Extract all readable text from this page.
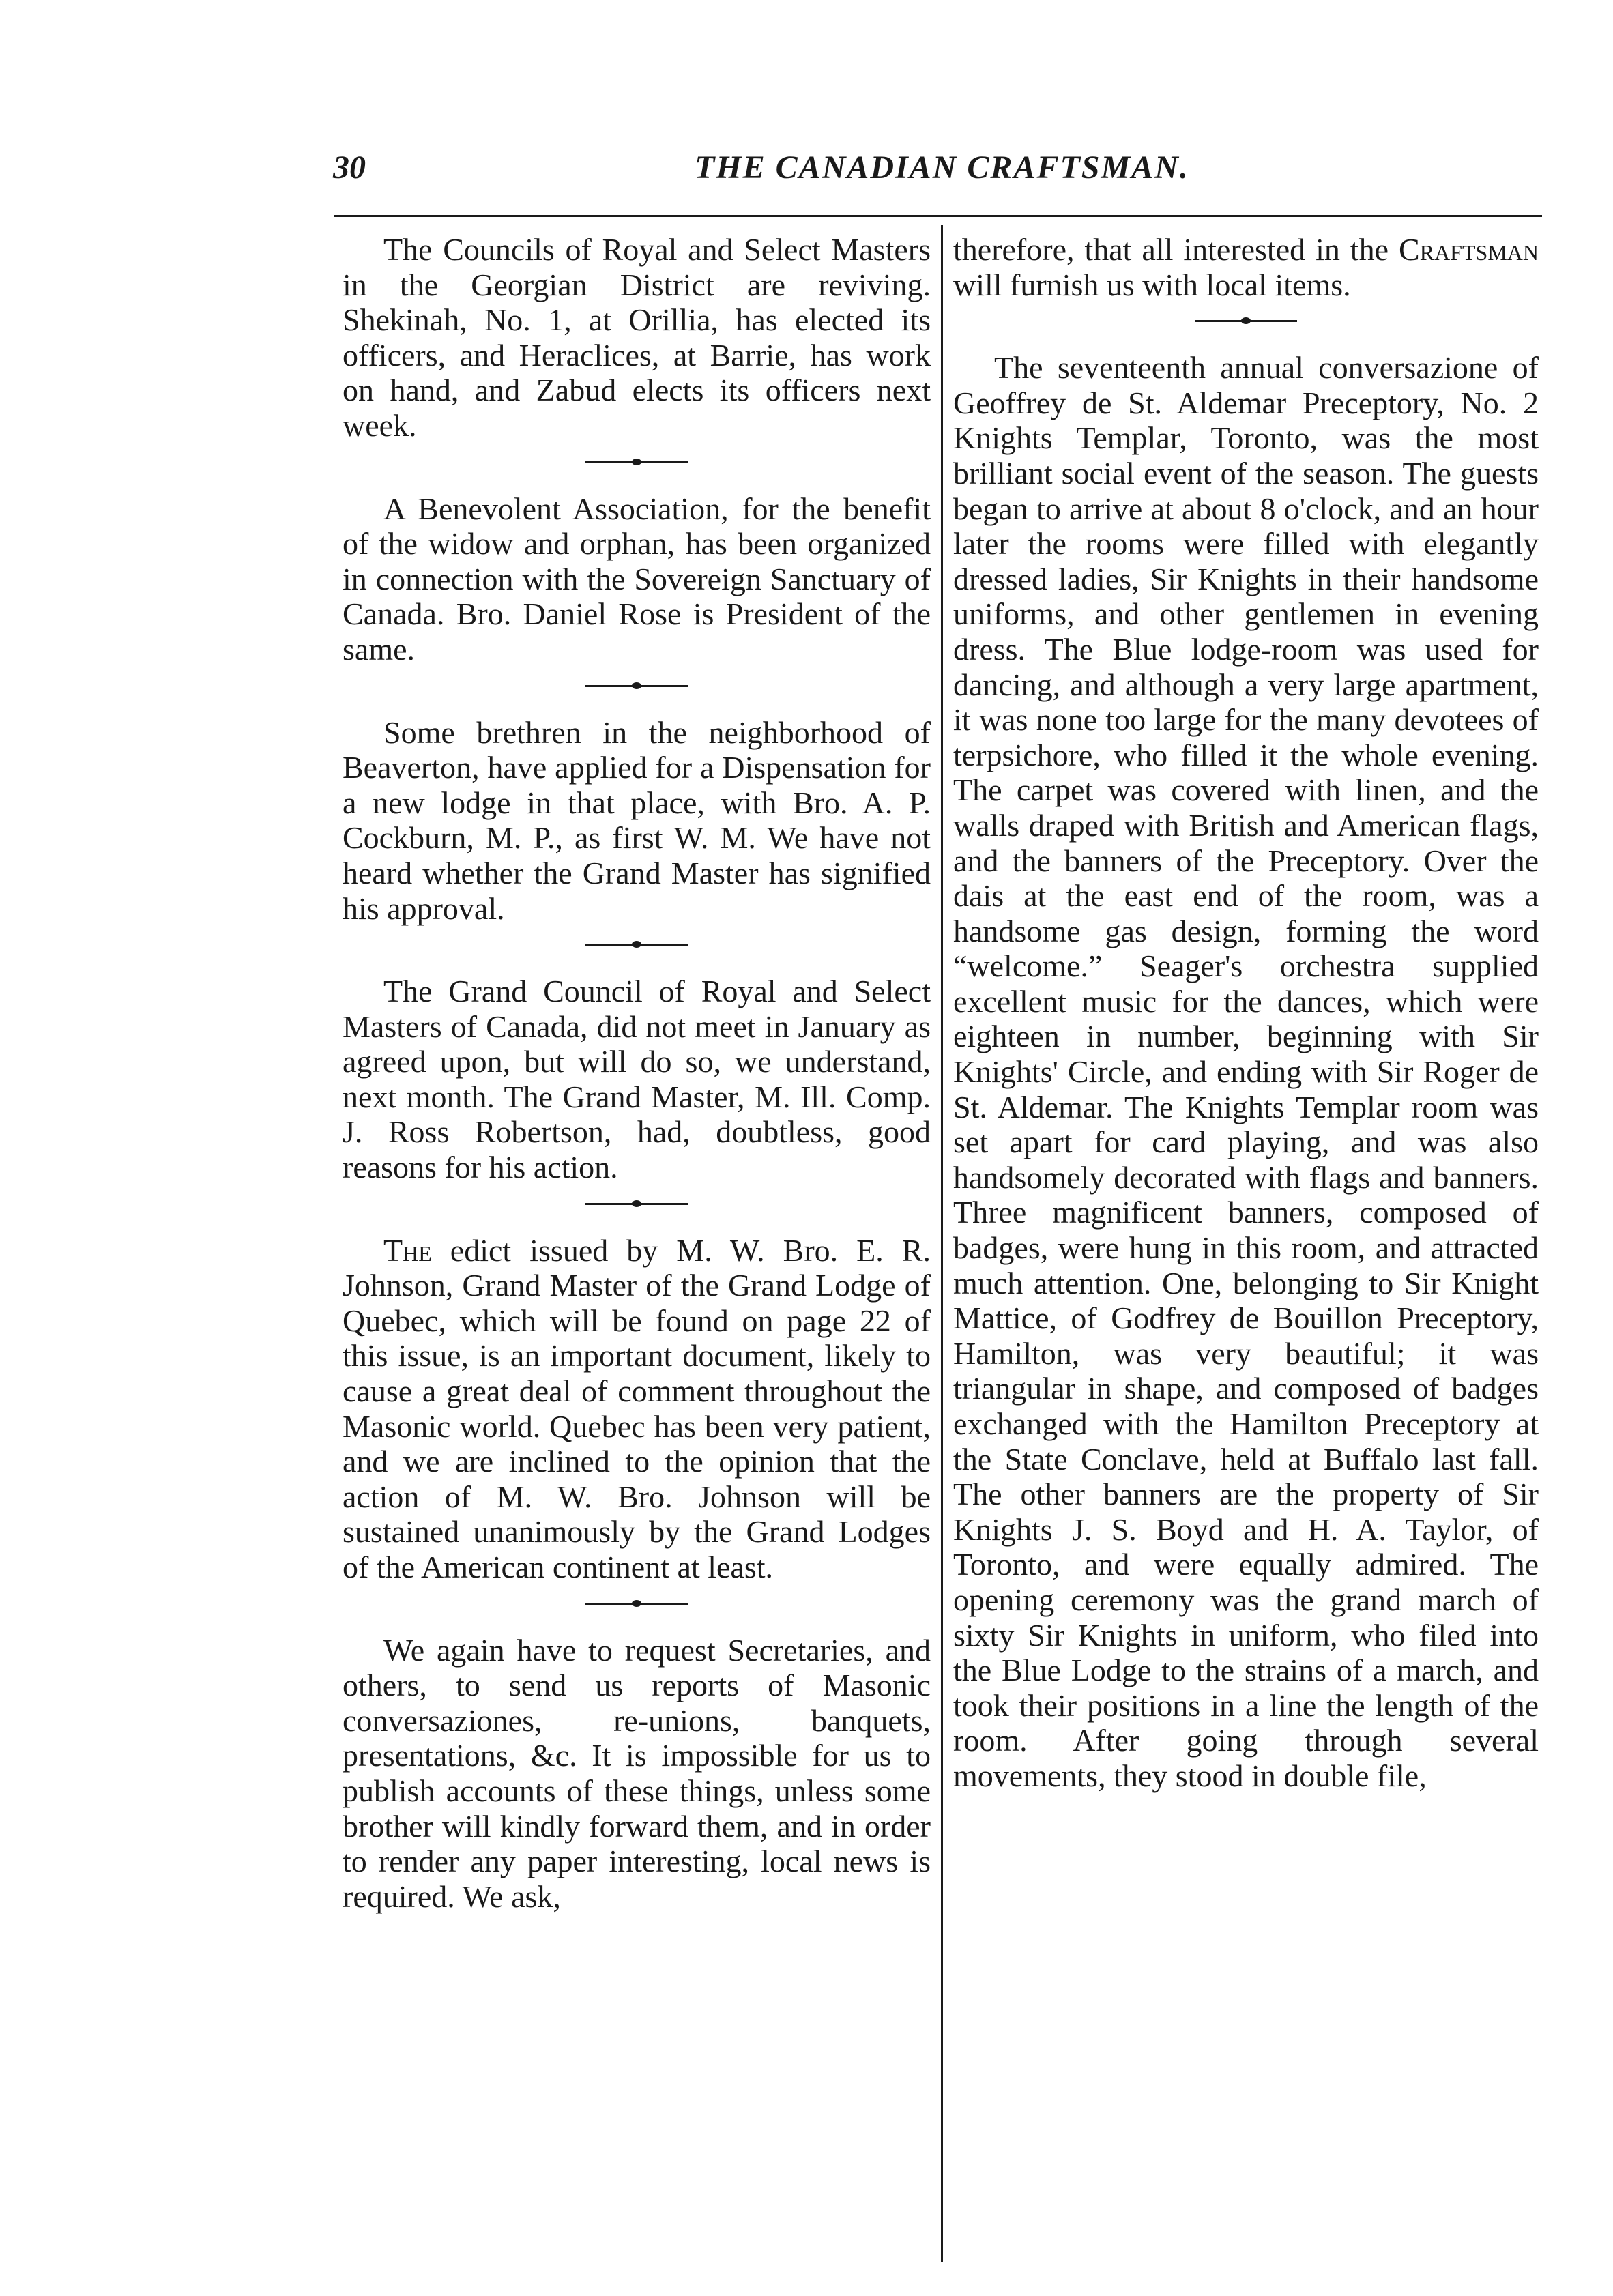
30	THE CANADIAN CRAFTSMAN.

The Councils of Royal and Select Masters in the Georgian District are reviving. Shekinah, No. 1, at Orillia, has elected its officers, and Heraclices, at Barrie, has work on hand, and Zabud elects its officers next week.

A Benevolent Association, for the benefit of the widow and orphan, has been organized in connection with the Sovereign Sanctuary of Canada. Bro. Daniel Rose is President of the same.

Some brethren in the neighborhood of Beaverton, have applied for a Dispensation for a new lodge in that place, with Bro. A. P. Cockburn, M. P., as first W. M. We have not heard whether the Grand Master has signified his approval.

The Grand Council of Royal and Select Masters of Canada, did not meet in January as agreed upon, but will do so, we understand, next month. The Grand Master, M. Ill. Comp. J. Ross Robertson, had, doubtless, good reasons for his action.

The edict issued by M. W. Bro. E. R. Johnson, Grand Master of the Grand Lodge of Quebec, which will be found on page 22 of this issue, is an important document, likely to cause a great deal of comment throughout the Masonic world. Quebec has been very patient, and we are inclined to the opinion that the action of M. W. Bro. Johnson will be sustained unanimously by the Grand Lodges of the American continent at least.

We again have to request Secretaries, and others, to send us reports of Masonic conversaziones, re-unions, banquets, presentations, &c. It is impossible for us to publish accounts of these things, unless some brother will kindly forward them, and in order to render any paper interesting, local news is required. We ask,

therefore, that all interested in the Craftsman will furnish us with local items.

The seventeenth annual conversazione of Geoffrey de St. Aldemar Preceptory, No. 2 Knights Templar, Toronto, was the most brilliant social event of the season. The guests began to arrive at about 8 o'clock, and an hour later the rooms were filled with elegantly dressed ladies, Sir Knights in their handsome uniforms, and other gentlemen in evening dress. The Blue lodge-room was used for dancing, and although a very large apartment, it was none too large for the many devotees of terpsichore, who filled it the whole evening. The carpet was covered with linen, and the walls draped with British and American flags, and the banners of the Preceptory. Over the dais at the east end of the room, was a handsome gas design, forming the word “welcome.” Seager's orchestra supplied excellent music for the dances, which were eighteen in number, beginning with Sir Knights' Circle, and ending with Sir Roger de St. Aldemar. The Knights Templar room was set apart for card playing, and was also handsomely decorated with flags and banners. Three magnificent banners, composed of badges, were hung in this room, and attracted much attention. One, belonging to Sir Knight Mattice, of Godfrey de Bouillon Preceptory, Hamilton, was very beautiful; it was triangular in shape, and composed of badges exchanged with the Hamilton Preceptory at the State Conclave, held at Buffalo last fall. The other banners are the property of Sir Knights J. S. Boyd and H. A. Taylor, of Toronto, and were equally admired. The opening ceremony was the grand march of sixty Sir Knights in uniform, who filed into the Blue Lodge to the strains of a march, and took their positions in a line the length of the room. After going through several movements, they stood in double file,
